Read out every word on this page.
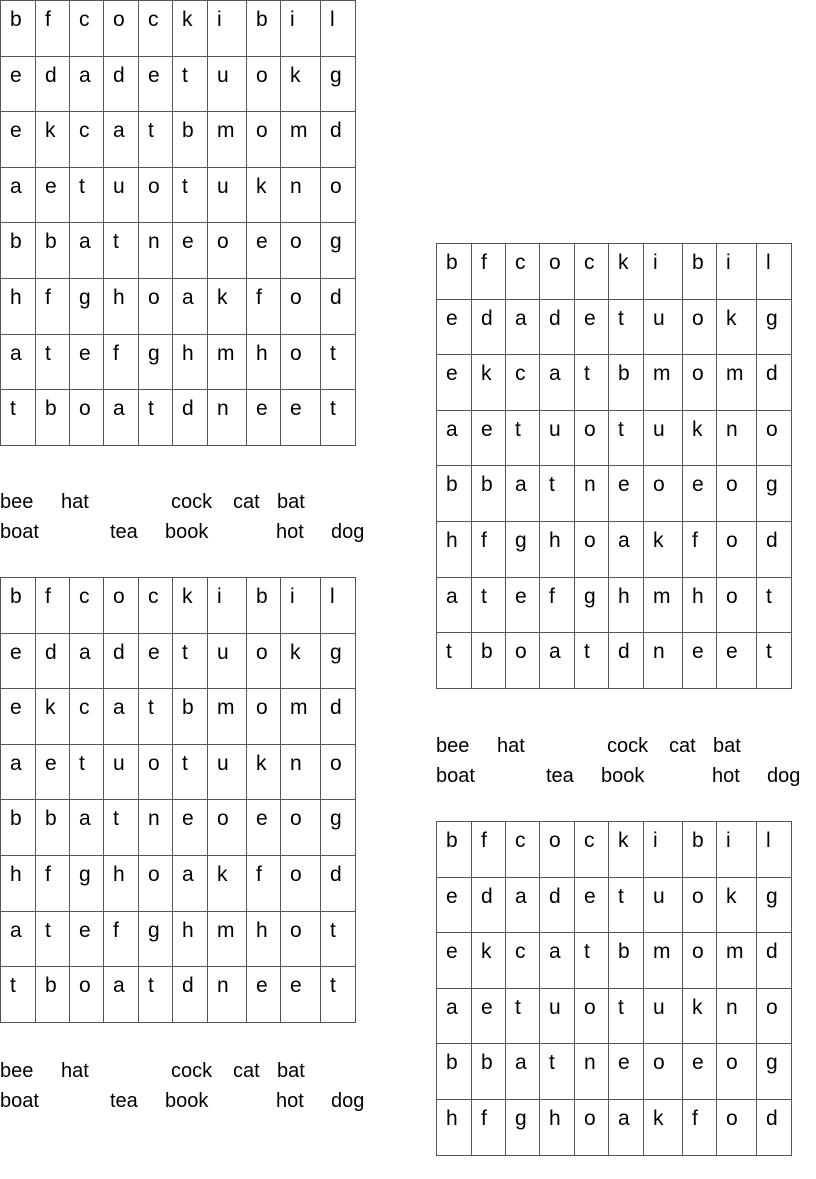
b	f	c	o	c	k	i	b	i	l

e	d	a	d	e	t	u	o	k	g

e	k	c	a	t	b	m	o	m	d

a	e	t	u	o	t	u	k	n	o

b	b	a	t	n	e	o	e	o	g

h	f	g	h	o	a	k	f	o	d

a	t	e	f	g	h	m	h	o	t

t	b	o	a	t	d	n	e	e	t
bee hat	cock cat bat
boat	tea book	hot dog
b	f	c	o	c	k	i	b	i	l

e	d	a	d	e	t	u	o	k	g

e	k	c	a	t	b	m	o	m	d

a	e	t	u	o	t	u	k	n	o

b	b	a	t	n	e	o	e	o	g

h	f	g	h	o	a	k	f	o	d

a	t	e	f	g	h	m	h	o	t

t	b	o	a	t	d	n	e	e	t
bee hat	cock cat bat
boat	tea book	hot dog
b	f	c	o	c	k	i	b	i	l

e	d	a	d	e	t	u	o	k	g

e	k	c	a	t	b	m	o	m	d

a	e	t	u	o	t	u	k	n	o

b	b	a	t	n	e	o	e	o	g

h	f	g	h	o	a	k	f	o	d

a	t	e	f	g	h	m	h	o	t

t	b	o	a	t	d	n	e	e	t
bee hat	cock cat bat
boat	tea book	hot dog
b	f	c	o	c	k	i	b	i	l

e	d	a	d	e	t	u	o	k	g

e	k	c	a	t	b	m	o	m	d

a	e	t	u	o	t	u	k	n	o

b	b	a	t	n	e	o	e	o	g

h	f	g	h	o	a	k	f	o	d
